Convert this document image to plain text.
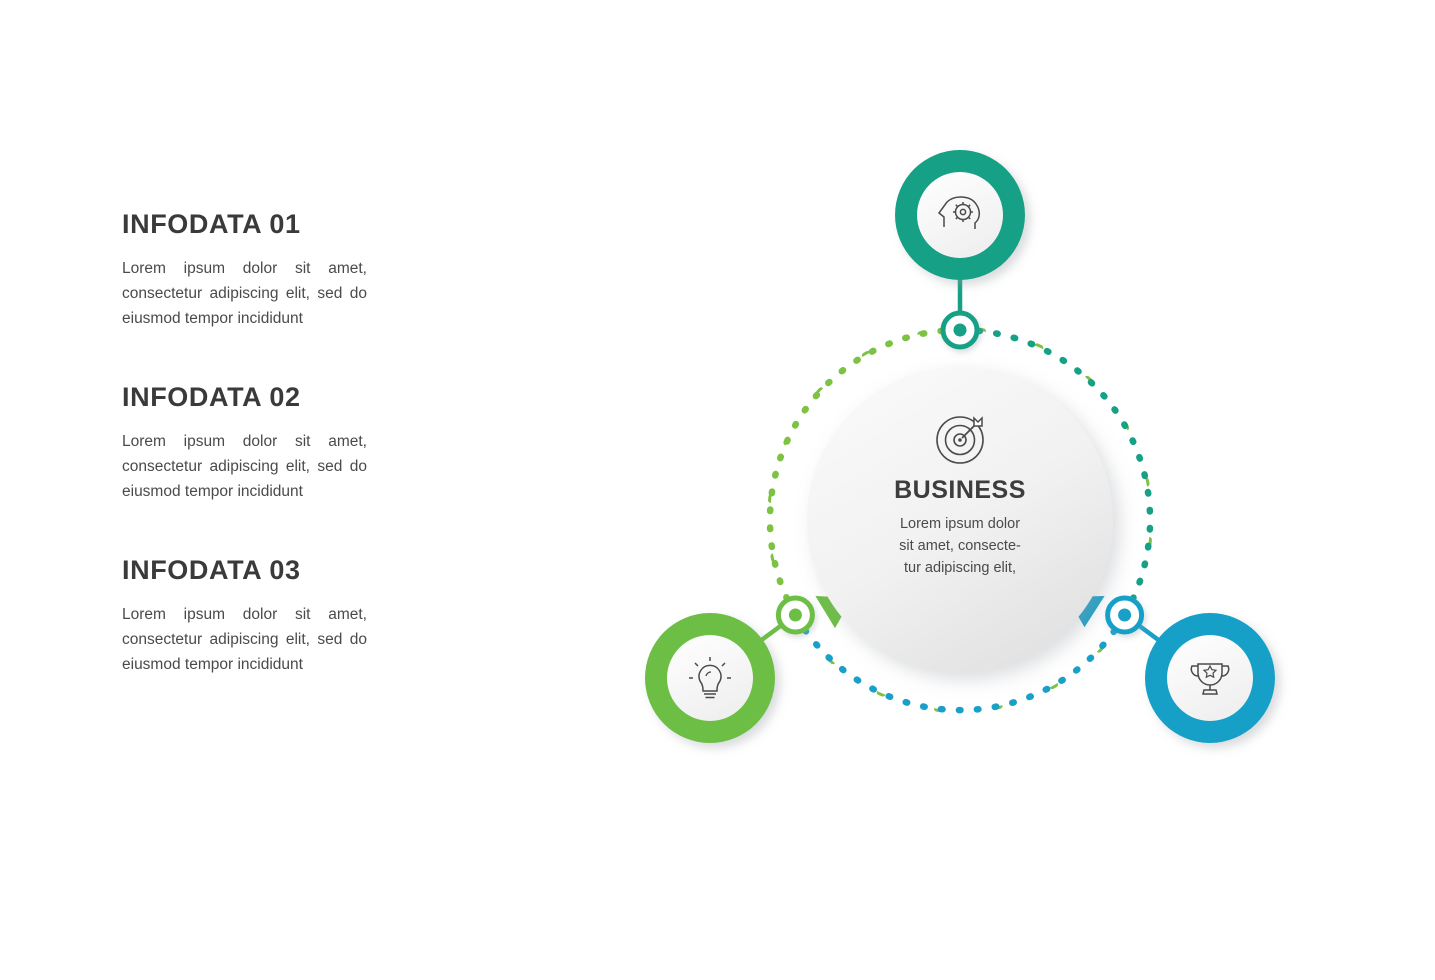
INFODATA 01

Lorem ipsum dolor sit amet, consectetur adipiscing elit, sed do eiusmod tempor incididunt

INFODATA 02

Lorem ipsum dolor sit amet, consectetur adipiscing elit, sed do eiusmod tempor incididunt

INFODATA 03

Lorem ipsum dolor sit amet, consectetur adipiscing elit, sed do eiusmod tempor incididunt

BUSINESS
Lorem ipsum dolor
sit amet, consecte-
tur adipiscing elit,
